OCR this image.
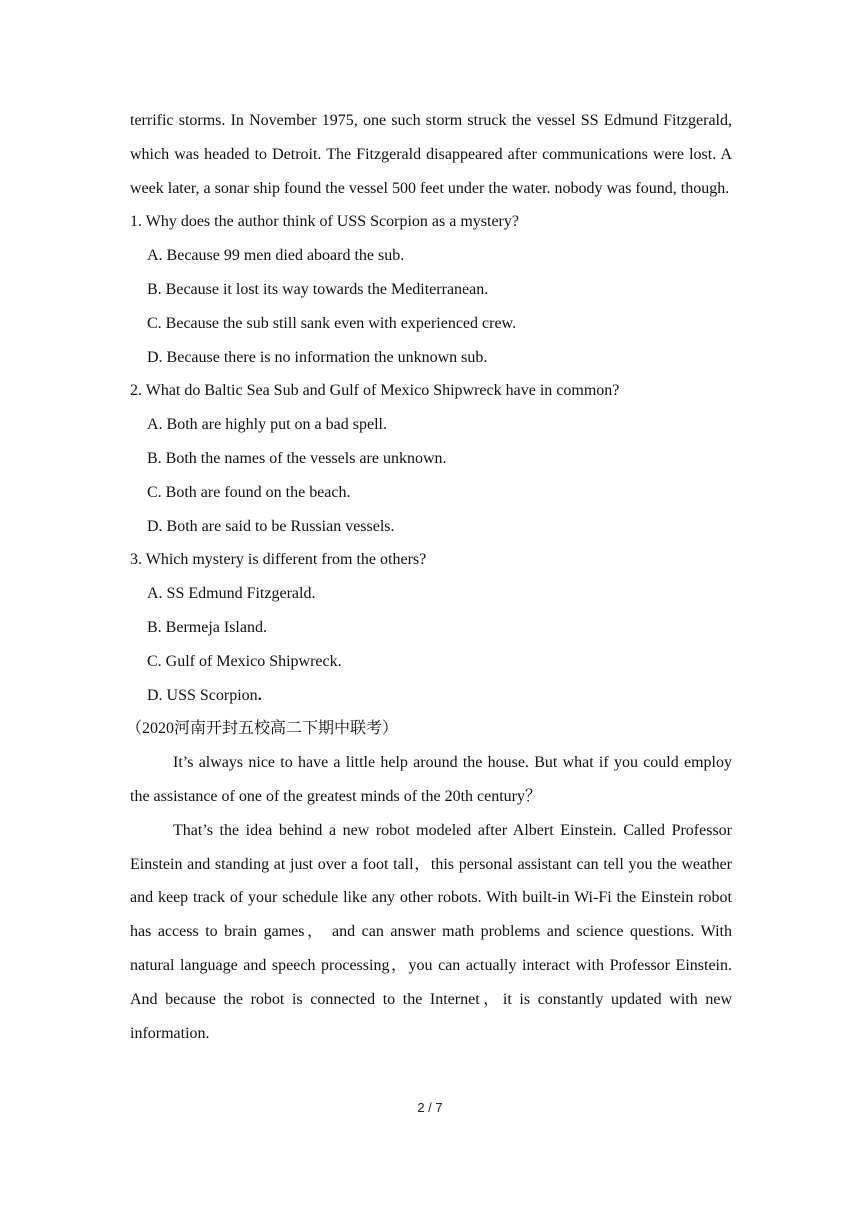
terrific storms. In November 1975, one such storm struck the vessel SS Edmund Fitzgerald, which was headed to Detroit. The Fitzgerald disappeared after communications were lost. A week later, a sonar ship found the vessel 500 feet under the water. nobody was found, though.

1. Why does the author think of USS Scorpion as a mystery?

A. Because 99 men died aboard the sub.
B. Because it lost its way towards the Mediterranean.
C. Because the sub still sank even with experienced crew.
D. Because there is no information the unknown sub.

2. What do Baltic Sea Sub and Gulf of Mexico Shipwreck have in common?

A. Both are highly put on a bad spell.
B. Both the names of the vessels are unknown.
C. Both are found on the beach.
D. Both are said to be Russian vessels.

3. Which mystery is different from the others?

A. SS Edmund Fitzgerald.
B. Bermeja Island.
C. Gulf of Mexico Shipwreck.
D. USS Scorpion.

（2020河南开封五校高二下期中联考）

It’s always nice to have a little help around the house. But what if you could employ the assistance of one of the greatest minds of the 20th century？

That’s the idea behind a new robot modeled after Albert Einstein. Called Professor Einstein and standing at just over a foot tall，this personal assistant can tell you the weather and keep track of your schedule like any other robots. With built-in Wi-Fi the Einstein robot has access to brain games， and can answer math problems and science questions. With natural language and speech processing，you can actually interact with Professor Einstein. And because the robot is connected to the Internet，it is constantly updated with new information.

2 / 7
